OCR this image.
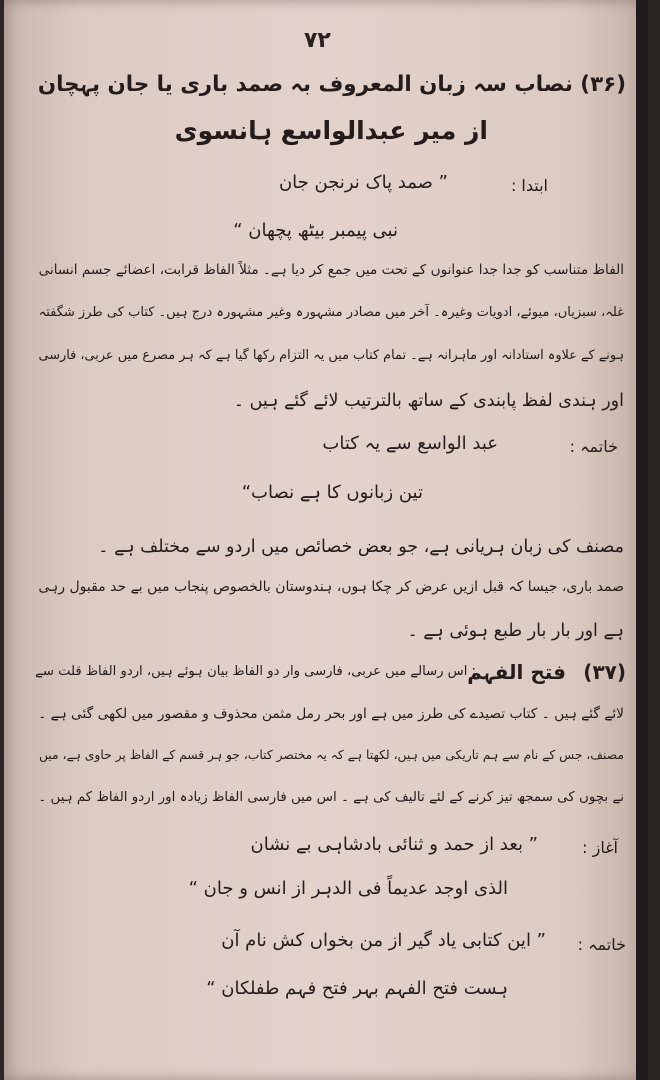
۷۲
(۳۶) نصاب سہ زبان المعروف بہ صمد باری یا جان پہچان
از میر عبدالواسع ہانسوی
ابتدا :
” صمد پاک نرنجن جان
نبی پیمبر بیٹھ پچھان “
الفاظ متناسب کو جدا جدا عنوانوں کے تحت میں جمع کر دیا ہے۔ مثلاً الفاظ قرابت، اعضائے جسم انسانی
غلہ، سبزیاں، میوئے، ادویات وغیرہ۔ آخر میں مصادر مشہورہ وغیر مشہورہ درج ہیں۔ کتاب کی طرز شگفتہ
ہونے کے علاوہ استادانہ اور ماہرانہ ہے۔ تمام کتاب میں یہ التزام رکھا گیا ہے کہ ہر مصرع میں عربی، فارسی
اور ہندی لفظ پابندی کے ساتھ بالترتیب لائے گئے ہیں ۔
خاتمہ :
عبد الواسع سے یہ کتاب
تین زبانوں کا ہے نصاب“
مصنف کی زبان ہریانی ہے، جو بعض خصائص میں اردو سے مختلف ہے ۔
صمد باری، جیسا کہ قبل ازیں عرض کر چکا ہوں، ہندوستان بالخصوص پنجاب میں بے حد مقبول رہی
ہے اور بار بار طبع ہوئی ہے ۔
(۳۷)
فتح الفہم
: اس رسالے میں عربی، فارسی وار دو الفاظ بیان ہوئے ہیں، اردو الفاظ قلت سے
لائے گئے ہیں ۔ کتاب تصیدے کی طرز میں ہے اور بحر رمل مثمن محذوف و مقصور میں لکھی گئی ہے ۔
مصنف، جس کے نام سے ہم تاریکی میں ہیں، لکھتا ہے کہ یہ مختصر کتاب، جو ہر قسم کے الفاظ پر حاوی ہے، میں
نے بچوں کی سمجھ تیز کرنے کے لئے تالیف کی ہے ۔ اس میں فارسی الفاظ زیادہ اور اردو الفاظ کم ہیں ۔
آغاز :
” بعد از حمد و ثنائی بادشاہی بے نشان
الذی اوجد عدیماً فی الدہر از انس و جان “
خاتمہ :
” این کتابی یاد گیر از من بخواں کش نام آن
ہست فتح الفہم بہر فتح فہم طفلکان “
